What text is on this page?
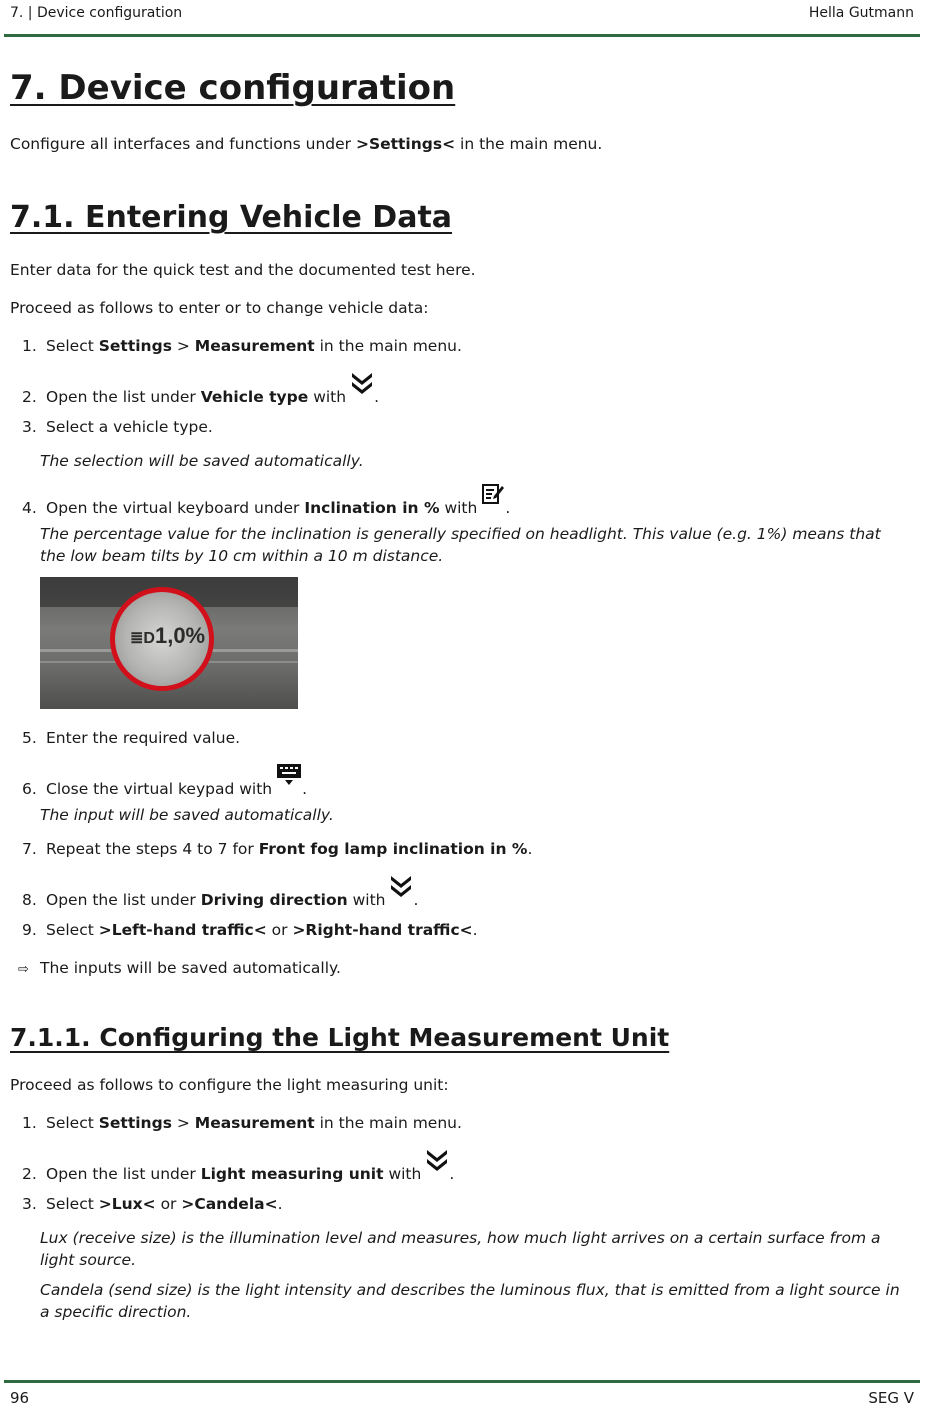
7. | Device configuration	Hella Gutmann
7. Device configuration
Configure all interfaces and functions under >Settings< in the main menu.
7.1. Entering Vehicle Data
Enter data for the quick test and the documented test here.
Proceed as follows to enter or to change vehicle data:
1. Select Settings > Measurement in the main menu.
2. Open the list under Vehicle type with .
3. Select a vehicle type.
The selection will be saved automatically.
4. Open the virtual keyboard under Inclination in % with .
The percentage value for the inclination is generally specified on headlight. This value (e.g. 1%) means that the low beam tilts by 10 cm within a 10 m distance.
≣D1,0%
5. Enter the required value.
6. Close the virtual keypad with .
The input will be saved automatically.
7. Repeat the steps 4 to 7 for Front fog lamp inclination in %.
8. Open the list under Driving direction with .
9. Select >Left-hand traffic< or >Right-hand traffic<.
⇨ The inputs will be saved automatically.
7.1.1. Configuring the Light Measurement Unit
Proceed as follows to configure the light measuring unit:
1. Select Settings > Measurement in the main menu.
2. Open the list under Light measuring unit with .
3. Select >Lux< or >Candela<.
Lux (receive size) is the illumination level and measures, how much light arrives on a certain surface from a light source.
Candela (send size) is the light intensity and describes the luminous flux, that is emitted from a light source in a specific direction.
96	SEG V
